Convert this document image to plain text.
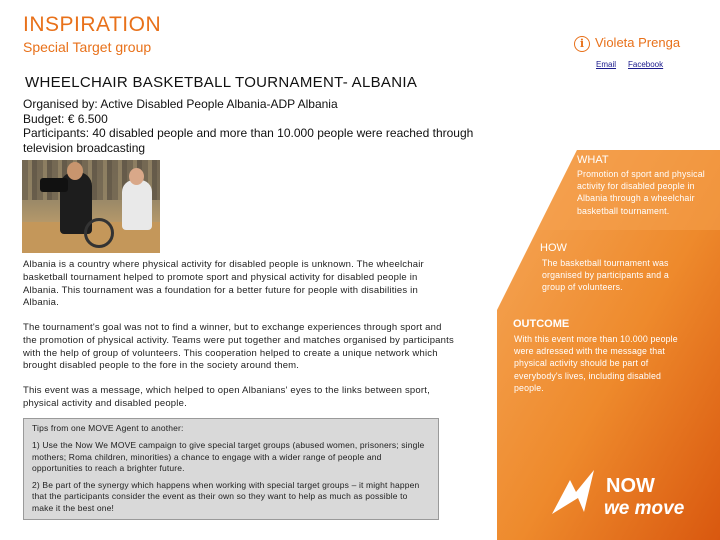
INSPIRATION
Special Target group	i Violeta Prenga
Email Facebook
WHEELCHAIR BASKETBALL TOURNAMENT- ALBANIA
Organised by: Active Disabled People Albania-ADP Albania
Budget: € 6.500
Participants: 40 disabled people and more than 10.000 people were reached through television broadcasting
Albania is a country where physical activity for disabled people is unknown. The wheelchair basketball tournament helped to promote sport and physical activity for disabled people in Albania. This tournament was a foundation for a better future for people with disabilities in Albania.
The tournament's goal was not to find a winner, but to exchange experiences through sport and the promotion of physical activity. Teams were put together and matches organised by participants with the help of group of volunteers. This cooperation helped to create a unique network which brought disabled people to the fore in the society around them.
This event was a message, which helped to open Albanians' eyes to the links between sport, physical activity and disabled people.
Tips from one MOVE Agent to another:
1) Use the Now We MOVE campaign to give special target groups (abused women, prisoners; single mothers; Roma children, minorities) a chance to engage with a wider range of people and opportunities to reach a brighter future.
2) Be part of the synergy which happens when working with special target groups – it might happen that the participants consider the event as their own so they want to help as much as possible to make it the best one!
WHAT
Promotion of sport and physical activity for disabled people in Albania through a wheelchair basketball tournament.
HOW
The basketball tournament was organised by participants and a group of volunteers.
OUTCOME
With this event more than 10.000 people were adressed with the message that physical activity should be part of everybody's lives, including disabled people.
NOW
we move
